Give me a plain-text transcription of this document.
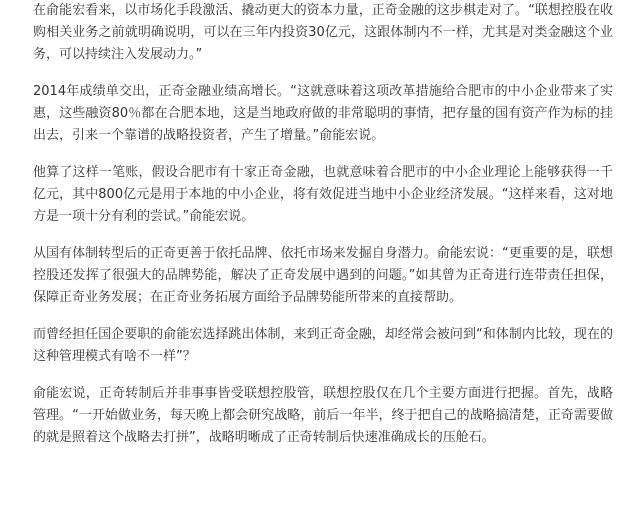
在俞能宏看来，以市场化手段激活、撬动更大的资本力量，正奇金融的这步棋走对了。“联想控股在收购相关业务之前就明确说明，可以在三年内投资30亿元，这跟体制内不一样，尤其是对类金融这个业务，可以持续注入发展动力。”

2014年成绩单交出，正奇金融业绩高增长。“这就意味着这项改革措施给合肥市的中小企业带来了实惠，这些融资80％都在合肥本地，这是当地政府做的非常聪明的事情，把存量的国有资产作为标的挂出去，引来一个靠谱的战略投资者，产生了增量。”俞能宏说。

他算了这样一笔账，假设合肥市有十家正奇金融，也就意味着合肥市的中小企业理论上能够获得一千亿元，其中800亿元是用于本地的中小企业，将有效促进当地中小企业经济发展。“这样来看，这对地方是一项十分有利的尝试。”俞能宏说。

从国有体制转型后的正奇更善于依托品牌、依托市场来发掘自身潜力。俞能宏说：“更重要的是，联想控股还发挥了很强大的品牌势能，解决了正奇发展中遇到的问题。”如其曾为正奇进行连带责任担保，保障正奇业务发展；在正奇业务拓展方面给予品牌势能所带来的直接帮助。

而曾经担任国企要职的俞能宏选择跳出体制，来到正奇金融，却经常会被问到“和体制内比较，现在的这种管理模式有啥不一样”？

俞能宏说，正奇转制后并非事事皆受联想控股管，联想控股仅在几个主要方面进行把握。首先，战略管理。“一开始做业务，每天晚上都会研究战略，前后一年半，终于把自己的战略搞清楚，正奇需要做的就是照着这个战略去打拼”，战略明晰成了正奇转制后快速准确成长的压舱石。
